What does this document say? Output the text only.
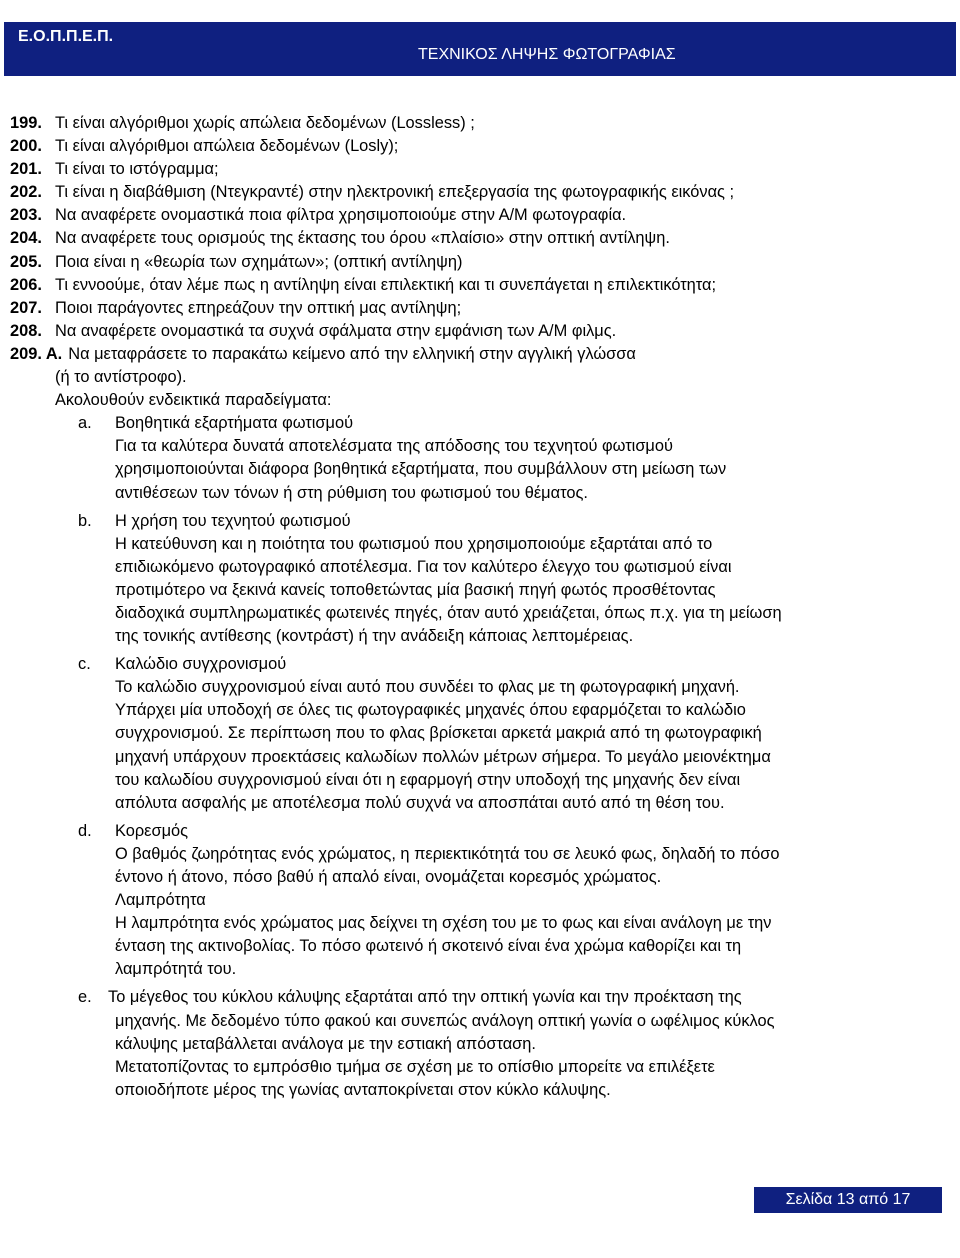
Ε.Ο.Π.Π.Ε.Π.
ΤΕΧΝΙΚΟΣ ΛΗΨΗΣ ΦΩΤΟΓΡΑΦΙΑΣ
199. Τι είναι αλγόριθμοι χωρίς απώλεια δεδομένων (Lossless) ;
200. Τι είναι αλγόριθμοι απώλεια δεδομένων (Losly);
201. Τι είναι το ιστόγραμμα;
202. Τι είναι η διαβάθμιση (Ντεγκραντέ) στην ηλεκτρονική επεξεργασία της φωτογραφικής εικόνας ;
203. Να αναφέρετε ονομαστικά ποια φίλτρα χρησιμοποιούμε στην Α/Μ φωτογραφία.
204. Να αναφέρετε τους ορισμούς της έκτασης του όρου «πλαίσιο» στην οπτική αντίληψη.
205. Ποια είναι η «θεωρία των σχημάτων»; (οπτική αντίληψη)
206. Τι εννοούμε, όταν λέμε πως η αντίληψη είναι επιλεκτική και τι συνεπάγεται η επιλεκτικότητα;
207. Ποιοι παράγοντες επηρεάζουν την οπτική μας αντίληψη;
208. Να αναφέρετε ονομαστικά τα συχνά σφάλματα στην εμφάνιση των Α/Μ φιλμς.
209. Α. Να μεταφράσετε το παρακάτω κείμενο από την ελληνική στην αγγλική γλώσσα
(ή το αντίστροφο).
Ακολουθούν ενδεικτικά παραδείγματα:
a.	Βοηθητικά εξαρτήματα φωτισμού
Για τα καλύτερα δυνατά αποτελέσματα της απόδοσης του τεχνητού φωτισμού
χρησιμοποιούνται διάφορα βοηθητικά εξαρτήματα, που συμβάλλουν στη μείωση των
αντιθέσεων των τόνων ή στη ρύθμιση του φωτισμού του θέματος.
b.	Η χρήση του τεχνητού φωτισμού
Η κατεύθυνση και η ποιότητα του φωτισμού που χρησιμοποιούμε εξαρτάται από το
επιδιωκόμενο φωτογραφικό αποτέλεσμα. Για τον καλύτερο έλεγχο του φωτισμού είναι
προτιμότερο να ξεκινά κανείς τοποθετώντας μία βασική πηγή φωτός προσθέτοντας
διαδοχικά συμπληρωματικές φωτεινές πηγές, όταν αυτό χρειάζεται, όπως π.χ. για τη μείωση
της τονικής αντίθεσης (κοντράστ) ή την ανάδειξη κάποιας λεπτομέρειας.
c.	Καλώδιο συγχρονισμού
Το καλώδιο συγχρονισμού είναι αυτό που συνδέει το φλας με τη φωτογραφική μηχανή.
Υπάρχει μία υποδοχή σε όλες τις φωτογραφικές μηχανές όπου εφαρμόζεται το καλώδιο
συγχρονισμού. Σε περίπτωση που το φλας βρίσκεται αρκετά μακριά από τη φωτογραφική
μηχανή υπάρχουν προεκτάσεις καλωδίων πολλών μέτρων σήμερα. Το μεγάλο μειονέκτημα
του καλωδίου συγχρονισμού είναι ότι η εφαρμογή στην υποδοχή της μηχανής δεν είναι
απόλυτα ασφαλής με αποτέλεσμα πολύ συχνά να αποσπάται αυτό από τη θέση του.
d.	Κορεσμός
Ο βαθμός ζωηρότητας ενός χρώματος, η περιεκτικότητά του σε λευκό φως, δηλαδή το πόσο
έντονο ή άτονο, πόσο βαθύ ή απαλό είναι, ονομάζεται κορεσμός χρώματος.
Λαμπρότητα
Η λαμπρότητα ενός χρώματος μας δείχνει τη σχέση του με το φως και είναι ανάλογη με την
ένταση της ακτινοβολίας. Το πόσο φωτεινό ή σκοτεινό είναι ένα χρώμα καθορίζει και τη
λαμπρότητά του.
e. Το μέγεθος του κύκλου κάλυψης εξαρτάται από την οπτική γωνία και την προέκταση της
μηχανής. Με δεδομένο τύπο φακού και συνεπώς ανάλογη οπτική γωνία ο ωφέλιμος κύκλος
κάλυψης μεταβάλλεται ανάλογα με την εστιακή απόσταση.
Μετατοπίζοντας το εμπρόσθιο τμήμα σε σχέση με το οπίσθιο μπορείτε να επιλέξετε
οποιοδήποτε μέρος της γωνίας ανταποκρίνεται στον κύκλο κάλυψης.
Σελίδα 13 από 17
